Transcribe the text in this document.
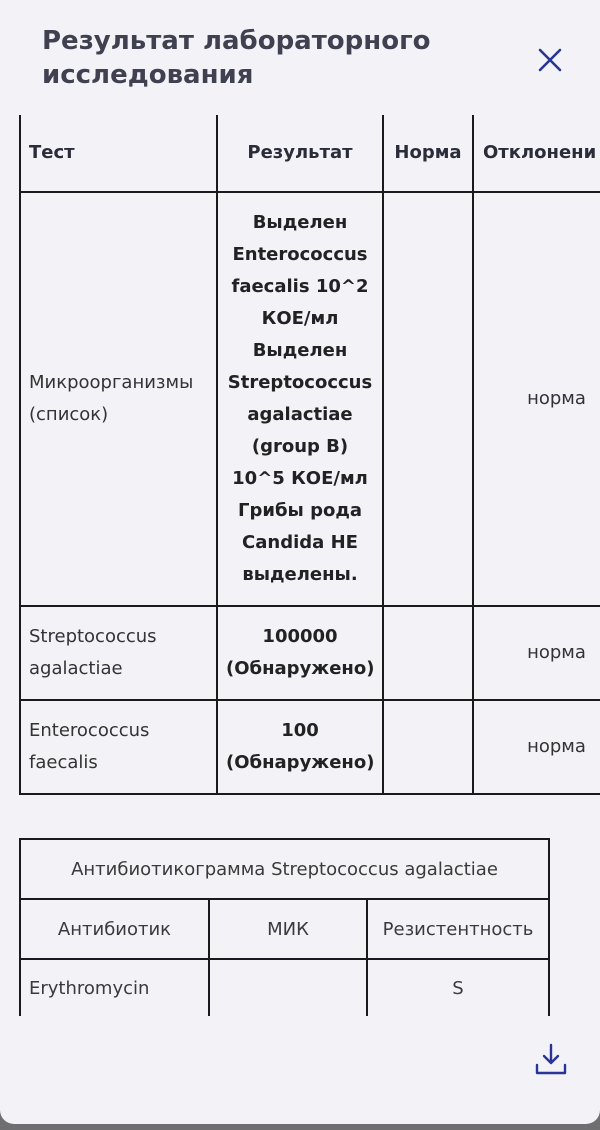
Результат лабораторного исследования
Тест	Результат	Норма	Отклонени
Микроорганизмы (список)	Выделен Enterococcus faecalis 10^2 КОЕ/мл Выделен Streptococcus agalactiae (group B) 10^5 КОЕ/мл Грибы рода Candida НЕ выделены.		норма
Streptococcus agalactiae	100000 (Обнаружено)		норма
Enterococcus faecalis	100 (Обнаружено)		норма
Антибиотикограмма Streptococcus agalactiae		
Антибиотик	МИК	Резистентность
Erythromycin		S
